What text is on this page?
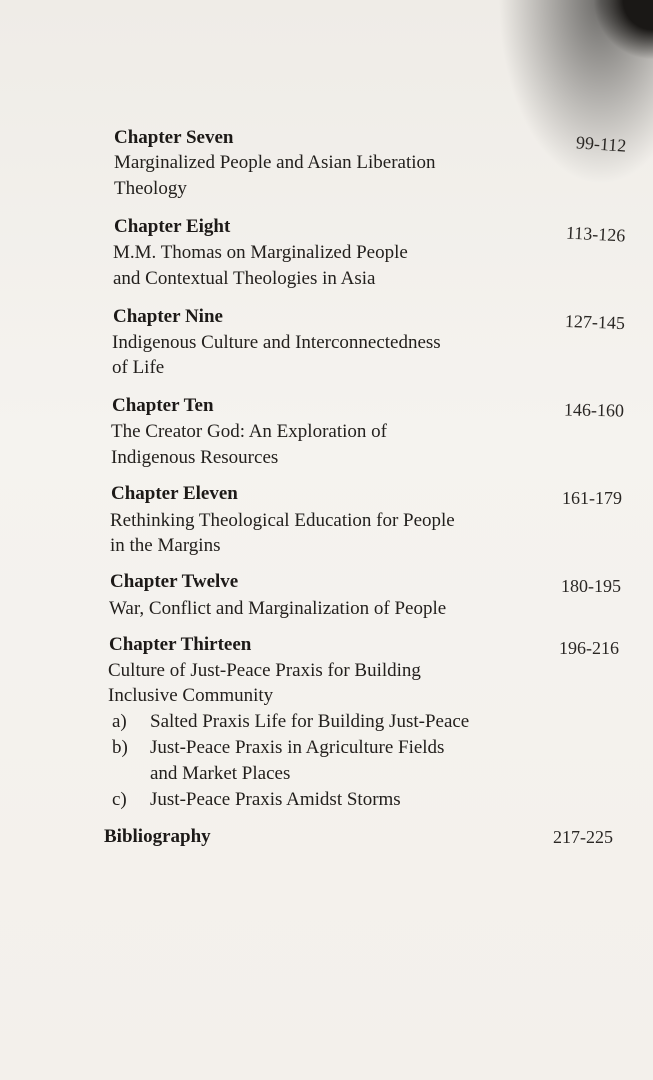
Chapter Seven
Marginalized People and Asian Liberation
Theology
99-112
Chapter Eight
M.M. Thomas on Marginalized People
and Contextual Theologies in Asia
113-126
Chapter Nine
Indigenous Culture and Interconnectedness
of Life
127-145
Chapter Ten
The Creator God: An Exploration of
Indigenous Resources
146-160
Chapter Eleven
Rethinking Theological Education for People
in the Margins
161-179
Chapter Twelve
War, Conflict and Marginalization of People
180-195
Chapter Thirteen
Culture of Just-Peace Praxis for Building
Inclusive Community
196-216
a) Salted Praxis Life for Building Just-Peace
b) Just-Peace Praxis in Agriculture Fields
and Market Places
c) Just-Peace Praxis Amidst Storms
Bibliography	217-225
